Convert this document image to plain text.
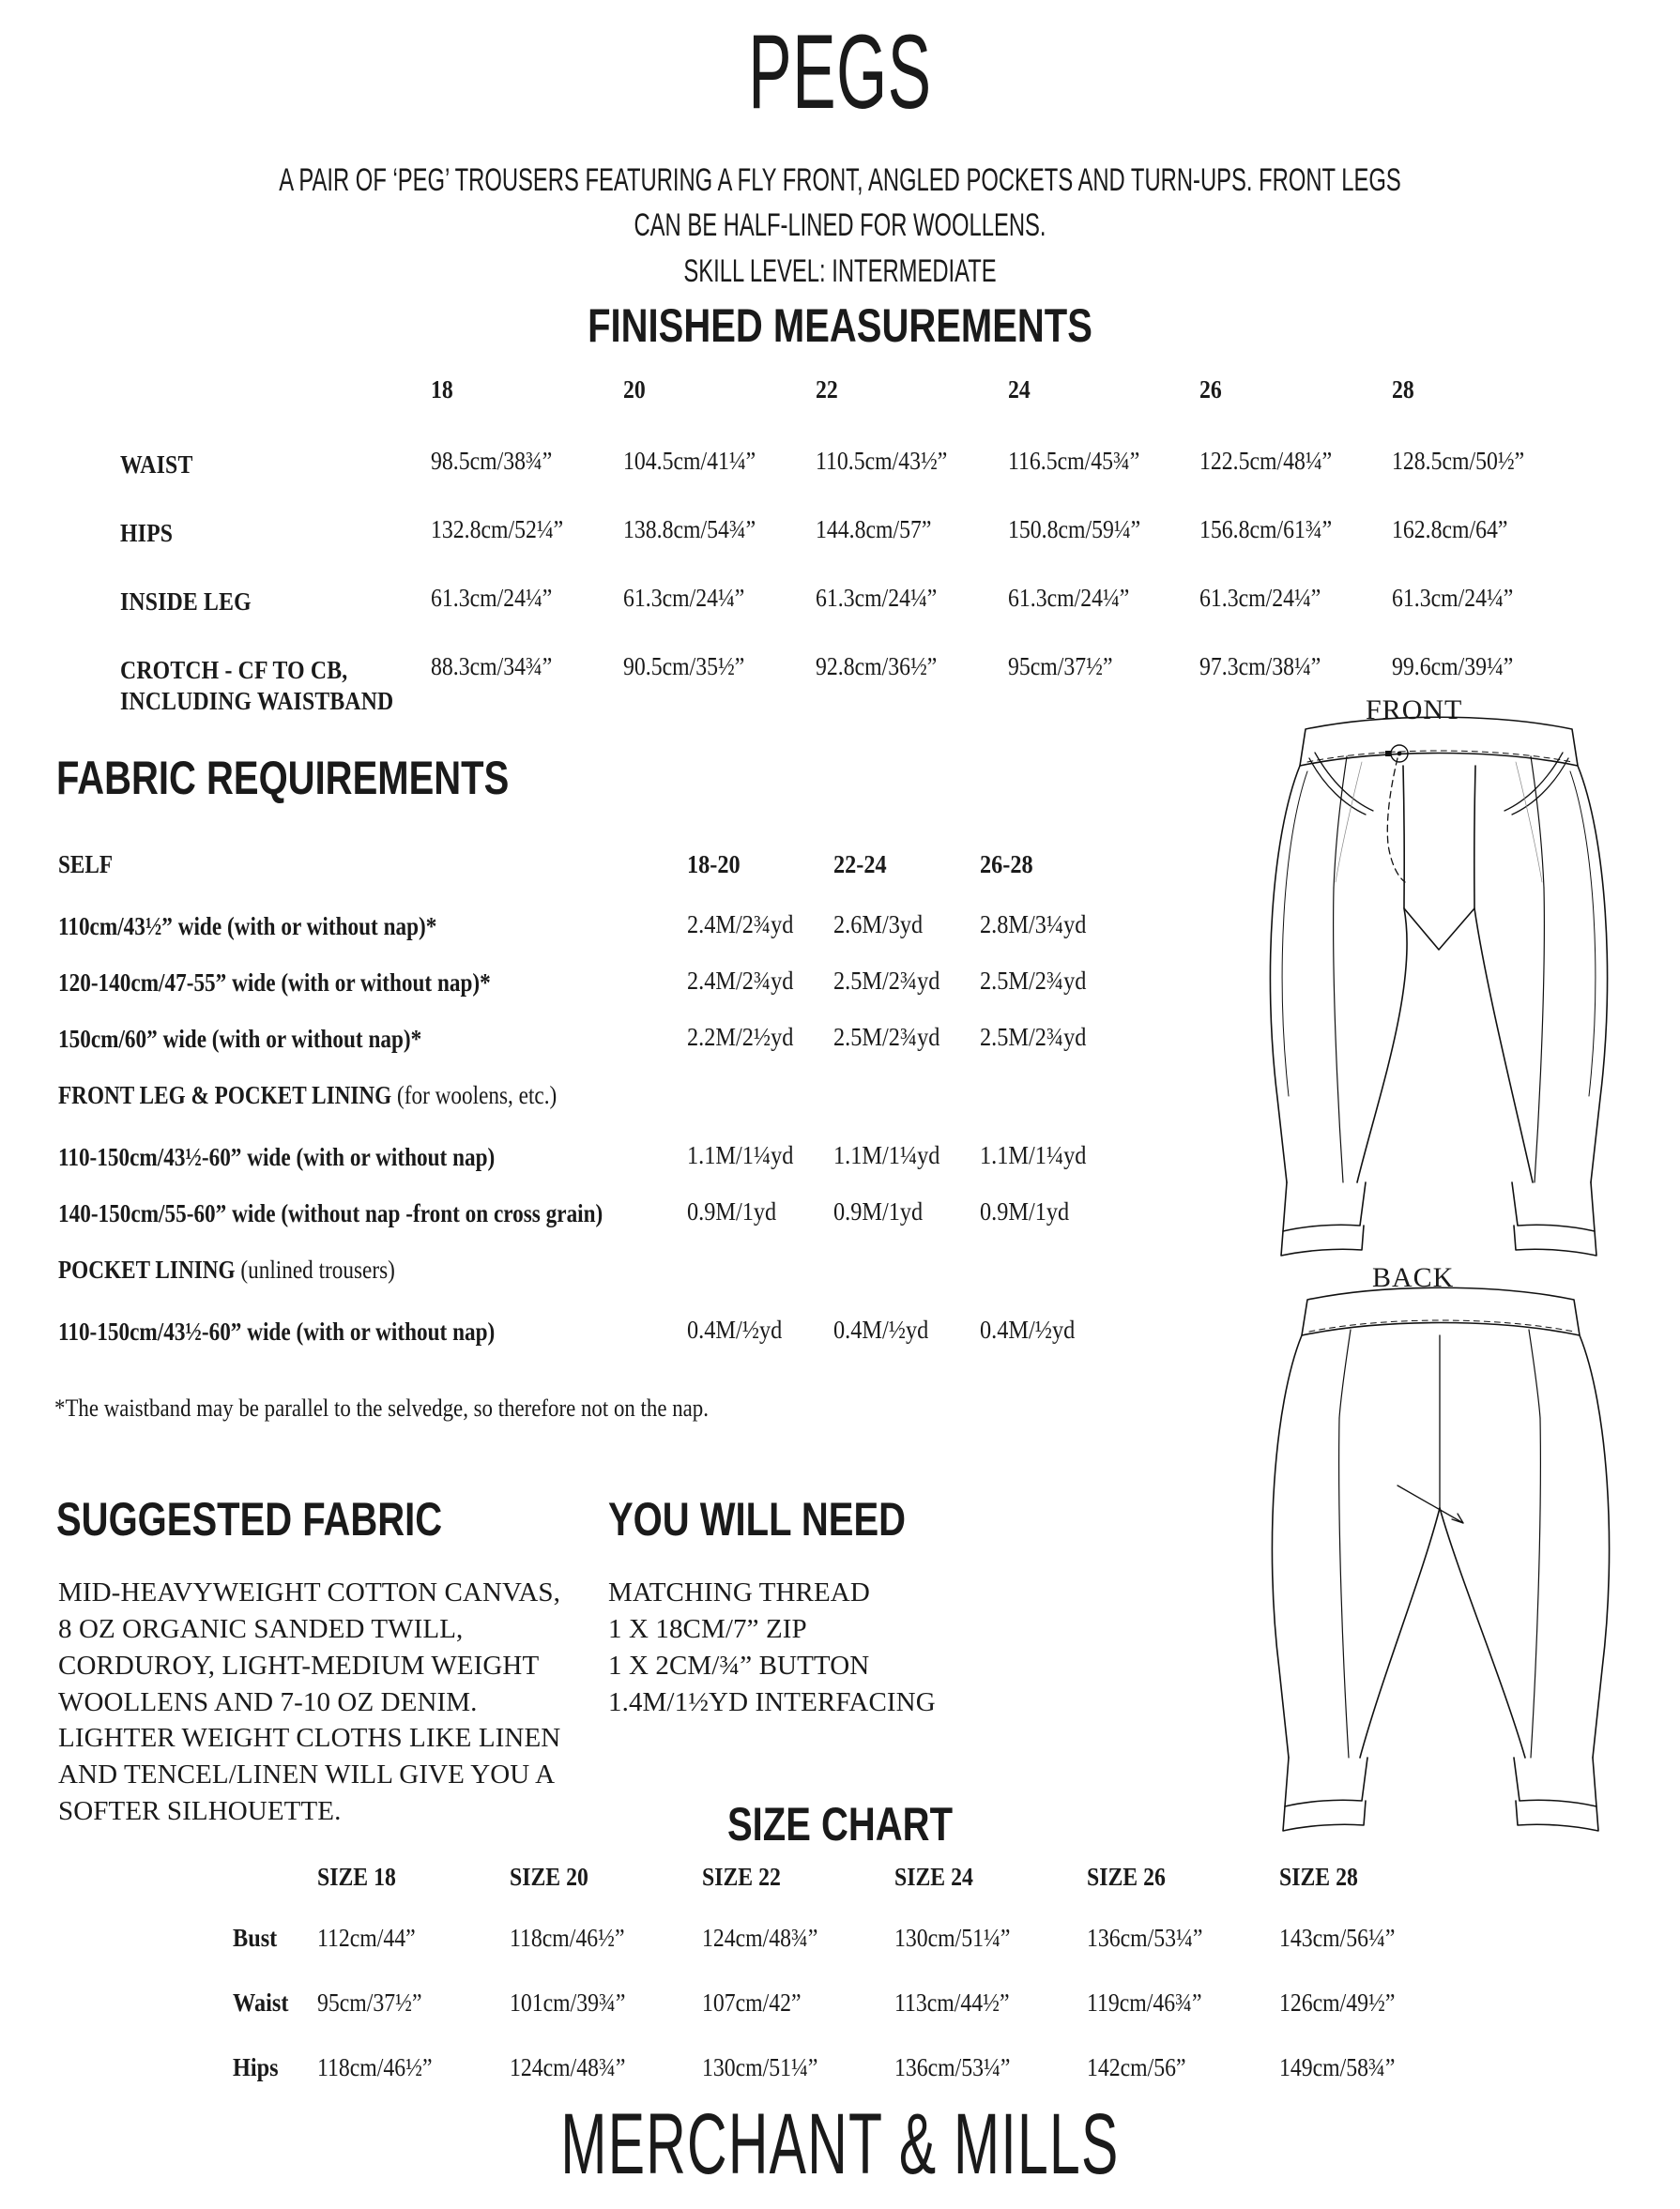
PEGS
A PAIR OF ‘PEG’ TROUSERS FEATURING A FLY FRONT, ANGLED POCKETS AND TURN-UPS. FRONT LEGS
CAN BE HALF-LINED FOR WOOLLENS.
SKILL LEVEL: INTERMEDIATE
FINISHED MEASUREMENTS

	18	20	22	24	26	28

WAIST	98.5cm/38¾”	104.5cm/41¼”	110.5cm/43½”	116.5cm/45¾”	122.5cm/48¼”	128.5cm/50½”

HIPS	132.8cm/52¼”	138.8cm/54¾”	144.8cm/57”	150.8cm/59¼”	156.8cm/61¾”	162.8cm/64”

INSIDE LEG	61.3cm/24¼”	61.3cm/24¼”	61.3cm/24¼”	61.3cm/24¼”	61.3cm/24¼”	61.3cm/24¼”

CROTCH - CF TO CB,
INCLUDING WAISTBAND	88.3cm/34¾”	90.5cm/35½”	92.8cm/36½”	95cm/37½”	97.3cm/38¼”	99.6cm/39¼”
FABRIC REQUIREMENTS
SELF	18-20	22-24	26-28
110cm/43½” wide (with or without nap)*	2.4M/2¾yd 2.6M/3yd 2.8M/3¼yd
120-140cm/47-55” wide (with or without nap)*	2.4M/2¾yd 2.5M/2¾yd 2.5M/2¾yd
150cm/60” wide (with or without nap)*	2.2M/2½yd 2.5M/2¾yd 2.5M/2¾yd
FRONT LEG & POCKET LINING (for woolens, etc.)
110-150cm/43½-60” wide (with or without nap)	1.1M/1¼yd 1.1M/1¼yd 1.1M/1¼yd
140-150cm/55-60” wide (without nap -front on cross grain)	0.9M/1yd 0.9M/1yd 0.9M/1yd
POCKET LINING (unlined trousers)
110-150cm/43½-60” wide (with or without nap)	0.4M/½yd 0.4M/½yd 0.4M/½yd
*The waistband may be parallel to the selvedge, so therefore not on the nap.
SUGGESTED FABRIC
MID-HEAVYWEIGHT COTTON CANVAS,
8 OZ ORGANIC SANDED TWILL,
CORDUROY, LIGHT-MEDIUM WEIGHT
WOOLLENS AND 7-10 OZ DENIM.
LIGHTER WEIGHT CLOTHS LIKE LINEN
AND TENCEL/LINEN WILL GIVE YOU A
SOFTER SILHOUETTE.
YOU WILL NEED
MATCHING THREAD
1 X 18CM/7” ZIP
1 X 2CM/¾” BUTTON
1.4M/1½YD INTERFACING
SIZE CHART

	SIZE 18	SIZE 20	SIZE 22	SIZE 24	SIZE 26	SIZE 28

Bust	112cm/44”	118cm/46½”	124cm/48¾”	130cm/51¼”	136cm/53¼”	143cm/56¼”

Waist	95cm/37½”	101cm/39¾”	107cm/42”	113cm/44½”	119cm/46¾”	126cm/49½”

Hips	118cm/46½”	124cm/48¾”	130cm/51¼”	136cm/53¼”	142cm/56”	149cm/58¾”
FRONT
BACK
MERCHANT & MILLS
